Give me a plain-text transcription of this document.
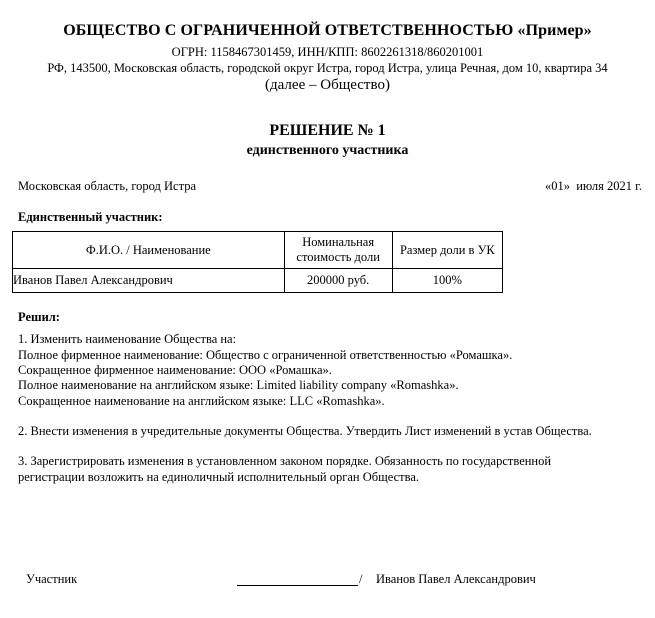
ОБЩЕСТВО С ОГРАНИЧЕННОЙ ОТВЕТСТВЕННОСТЬЮ «Пример»
ОГРН: 1158467301459, ИНН/КПП: 8602261318/860201001
РФ, 143500, Московская область, городской округ Истра, город Истра, улица Речная, дом 10, квартира 34
(далее – Общество)
РЕШЕНИЕ № 1
единственного участника
Московская область, город Истра	«01»  июля 2021 г.
Единственный участник:
Ф.И.О. / Наименование	Номинальная стоимость доли	Размер доли в УК
Иванов Павел Александрович	200000 руб.	100%
Решил:
1. Изменить наименование Общества на:
Полное фирменное наименование: Общество с ограниченной ответственностью «Ромашка».
Сокращенное фирменное наименование: ООО «Ромашка».
Полное наименование на английском языке: Limited liability company «Romashka».
Сокращенное наименование на английском языке: LLC «Romashka».
2. Внести изменения в учредительные документы Общества. Утвердить Лист изменений в устав Общества.
3. Зарегистрировать изменения в установленном законом порядке. Обязанность по государственной
регистрации возложить на единоличный исполнительный орган Общества.
Участник	/ Иванов Павел Александрович
